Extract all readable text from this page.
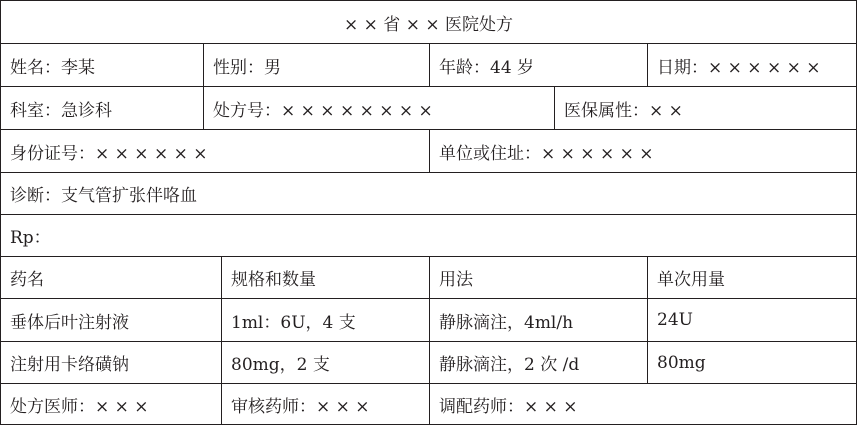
× × 省 × × 医院处方
姓名：李某	性别：男	年龄：44 岁	日期：× × × × × ×
科室：急诊科	处方号：× × × × × × × ×	医保属性：× ×
身份证号：× × × × × ×	单位或住址：× × × × × ×
诊断：支气管扩张伴咯血
Rp：
药名	规格和数量	用法	单次用量
垂体后叶注射液	1ml：6U，4 支	静脉滴注，4ml/h	24U
注射用卡络磺钠	80mg，2 支	静脉滴注，2 次 /d	80mg
处方医师：× × ×	审核药师：× × ×	调配药师：× × ×
